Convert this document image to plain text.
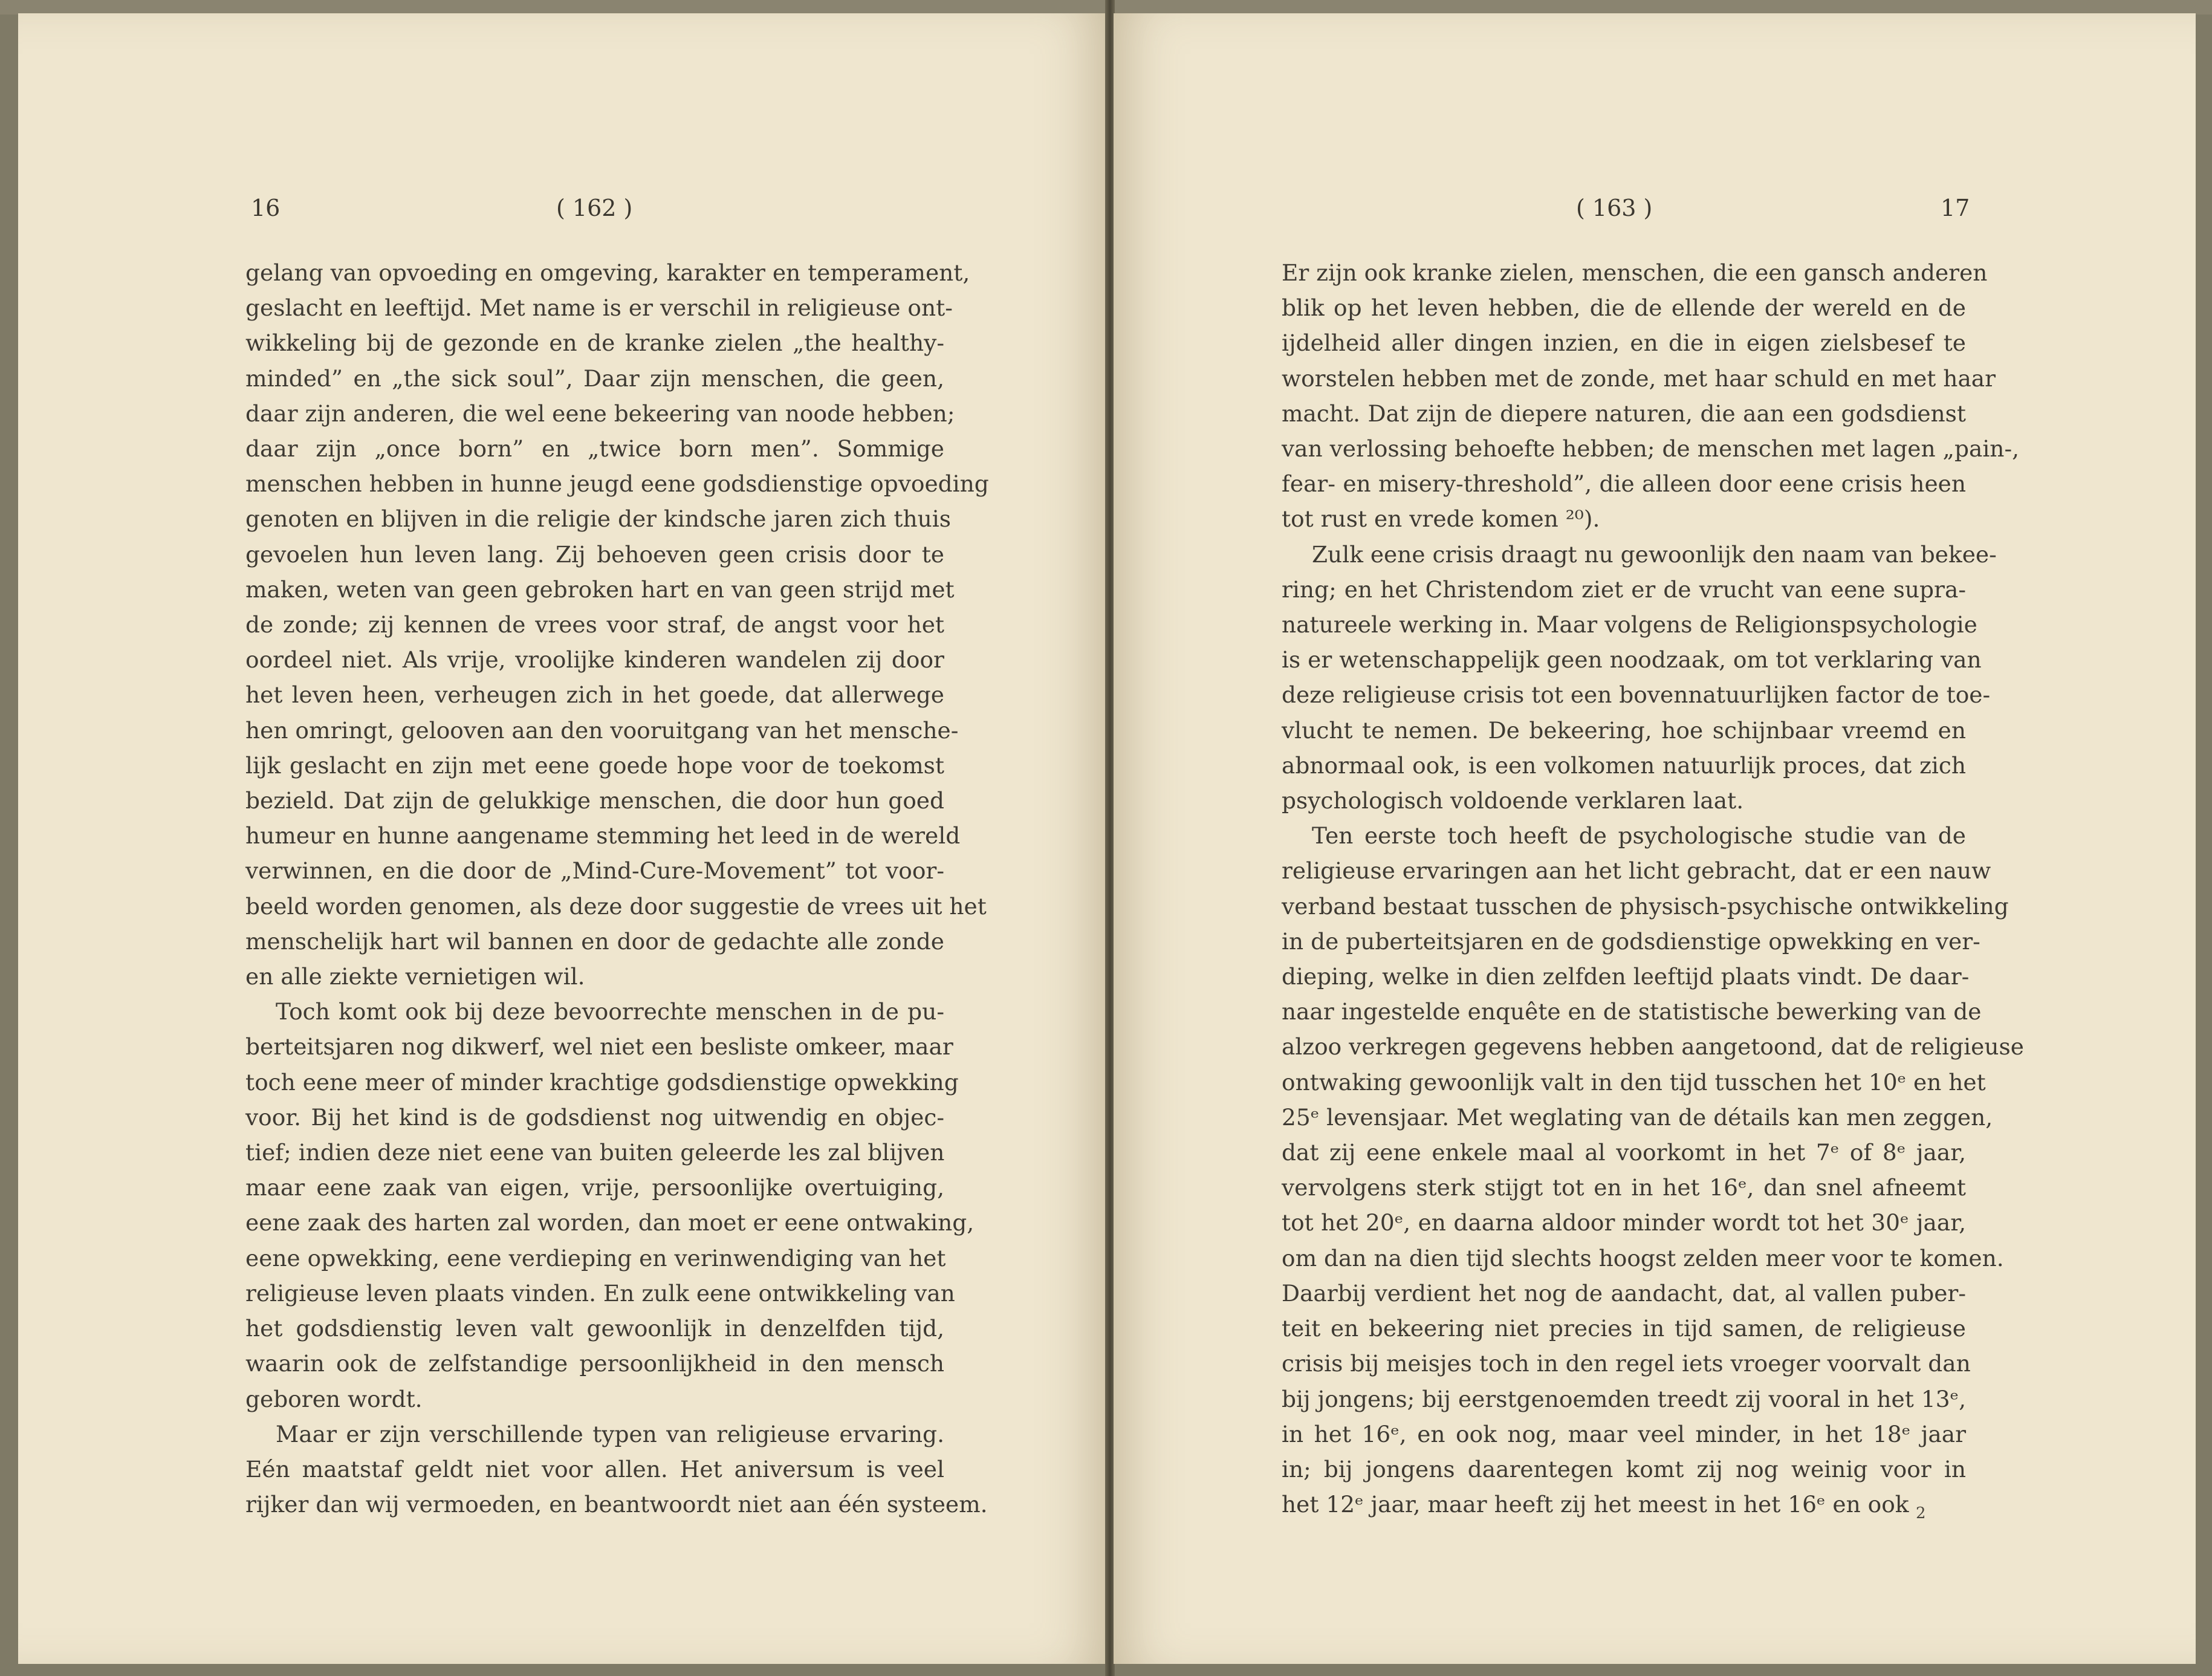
16	( 162 )

gelang van opvoeding en omgeving, karakter en temperament,
geslacht en leeftijd. Met name is er verschil in religieuse ont-
wikkeling bij de gezonde en de kranke zielen „the healthy-
minded” en „the sick soul”, Daar zijn menschen, die geen,
daar zijn anderen, die wel eene bekeering van noode hebben;
daar zijn „once born” en „twice born men”. Sommige
menschen hebben in hunne jeugd eene godsdienstige opvoeding
genoten en blijven in die religie der kindsche jaren zich thuis
gevoelen hun leven lang. Zij behoeven geen crisis door te
maken, weten van geen gebroken hart en van geen strijd met
de zonde; zij kennen de vrees voor straf, de angst voor het
oordeel niet. Als vrije, vroolijke kinderen wandelen zij door
het leven heen, verheugen zich in het goede, dat allerwege
hen omringt, gelooven aan den vooruitgang van het mensche-
lijk geslacht en zijn met eene goede hope voor de toekomst
bezield. Dat zijn de gelukkige menschen, die door hun goed
humeur en hunne aangename stemming het leed in de wereld
verwinnen, en die door de „Mind-Cure-Movement” tot voor-
beeld worden genomen, als deze door suggestie de vrees uit het
menschelijk hart wil bannen en door de gedachte alle zonde
en alle ziekte vernietigen wil.

Toch komt ook bij deze bevoorrechte menschen in de pu-
berteitsjaren nog dikwerf, wel niet een besliste omkeer, maar
toch eene meer of minder krachtige godsdienstige opwekking
voor. Bij het kind is de godsdienst nog uitwendig en objec-
tief; indien deze niet eene van buiten geleerde les zal blijven
maar eene zaak van eigen, vrije, persoonlijke overtuiging,
eene zaak des harten zal worden, dan moet er eene ontwaking,
eene opwekking, eene verdieping en verinwendiging van het
religieuse leven plaats vinden. En zulk eene ontwikkeling van
het godsdienstig leven valt gewoonlijk in denzelfden tijd,
waarin ook de zelfstandige persoonlijkheid in den mensch
geboren wordt.

Maar er zijn verschillende typen van religieuse ervaring.
Eén maatstaf geldt niet voor allen. Het aniversum is veel
rijker dan wij vermoeden, en beantwoordt niet aan één systeem.

( 163 )	17

Er zijn ook kranke zielen, menschen, die een gansch anderen
blik op het leven hebben, die de ellende der wereld en de
ijdelheid aller dingen inzien, en die in eigen zielsbesef te
worstelen hebben met de zonde, met haar schuld en met haar
macht. Dat zijn de diepere naturen, die aan een godsdienst
van verlossing behoefte hebben; de menschen met lagen „pain-,
fear- en misery-threshold”, die alleen door eene crisis heen
tot rust en vrede komen ²⁰).

Zulk eene crisis draagt nu gewoonlijk den naam van bekee-
ring; en het Christendom ziet er de vrucht van eene supra-
natureele werking in. Maar volgens de Religionspsychologie
is er wetenschappelijk geen noodzaak, om tot verklaring van
deze religieuse crisis tot een bovennatuurlijken factor de toe-
vlucht te nemen. De bekeering, hoe schijnbaar vreemd en
abnormaal ook, is een volkomen natuurlijk proces, dat zich
psychologisch voldoende verklaren laat.

Ten eerste toch heeft de psychologische studie van de
religieuse ervaringen aan het licht gebracht, dat er een nauw
verband bestaat tusschen de physisch-psychische ontwikkeling
in de puberteitsjaren en de godsdienstige opwekking en ver-
dieping, welke in dien zelfden leeftijd plaats vindt. De daar-
naar ingestelde enquête en de statistische bewerking van de
alzoo verkregen gegevens hebben aangetoond, dat de religieuse
ontwaking gewoonlijk valt in den tijd tusschen het 10ᵉ en het
25ᵉ levensjaar. Met weglating van de détails kan men zeggen,
dat zij eene enkele maal al voorkomt in het 7ᵉ of 8ᵉ jaar,
vervolgens sterk stijgt tot en in het 16ᵉ, dan snel afneemt
tot het 20ᵉ, en daarna aldoor minder wordt tot het 30ᵉ jaar,
om dan na dien tijd slechts hoogst zelden meer voor te komen.
Daarbij verdient het nog de aandacht, dat, al vallen puber-
teit en bekeering niet precies in tijd samen, de religieuse
crisis bij meisjes toch in den regel iets vroeger voorvalt dan
bij jongens; bij eerstgenoemden treedt zij vooral in het 13ᵉ,
in het 16ᵉ, en ook nog, maar veel minder, in het 18ᵉ jaar
in; bij jongens daarentegen komt zij nog weinig voor in
het 12ᵉ jaar, maar heeft zij het meest in het 16ᵉ en ook 2
